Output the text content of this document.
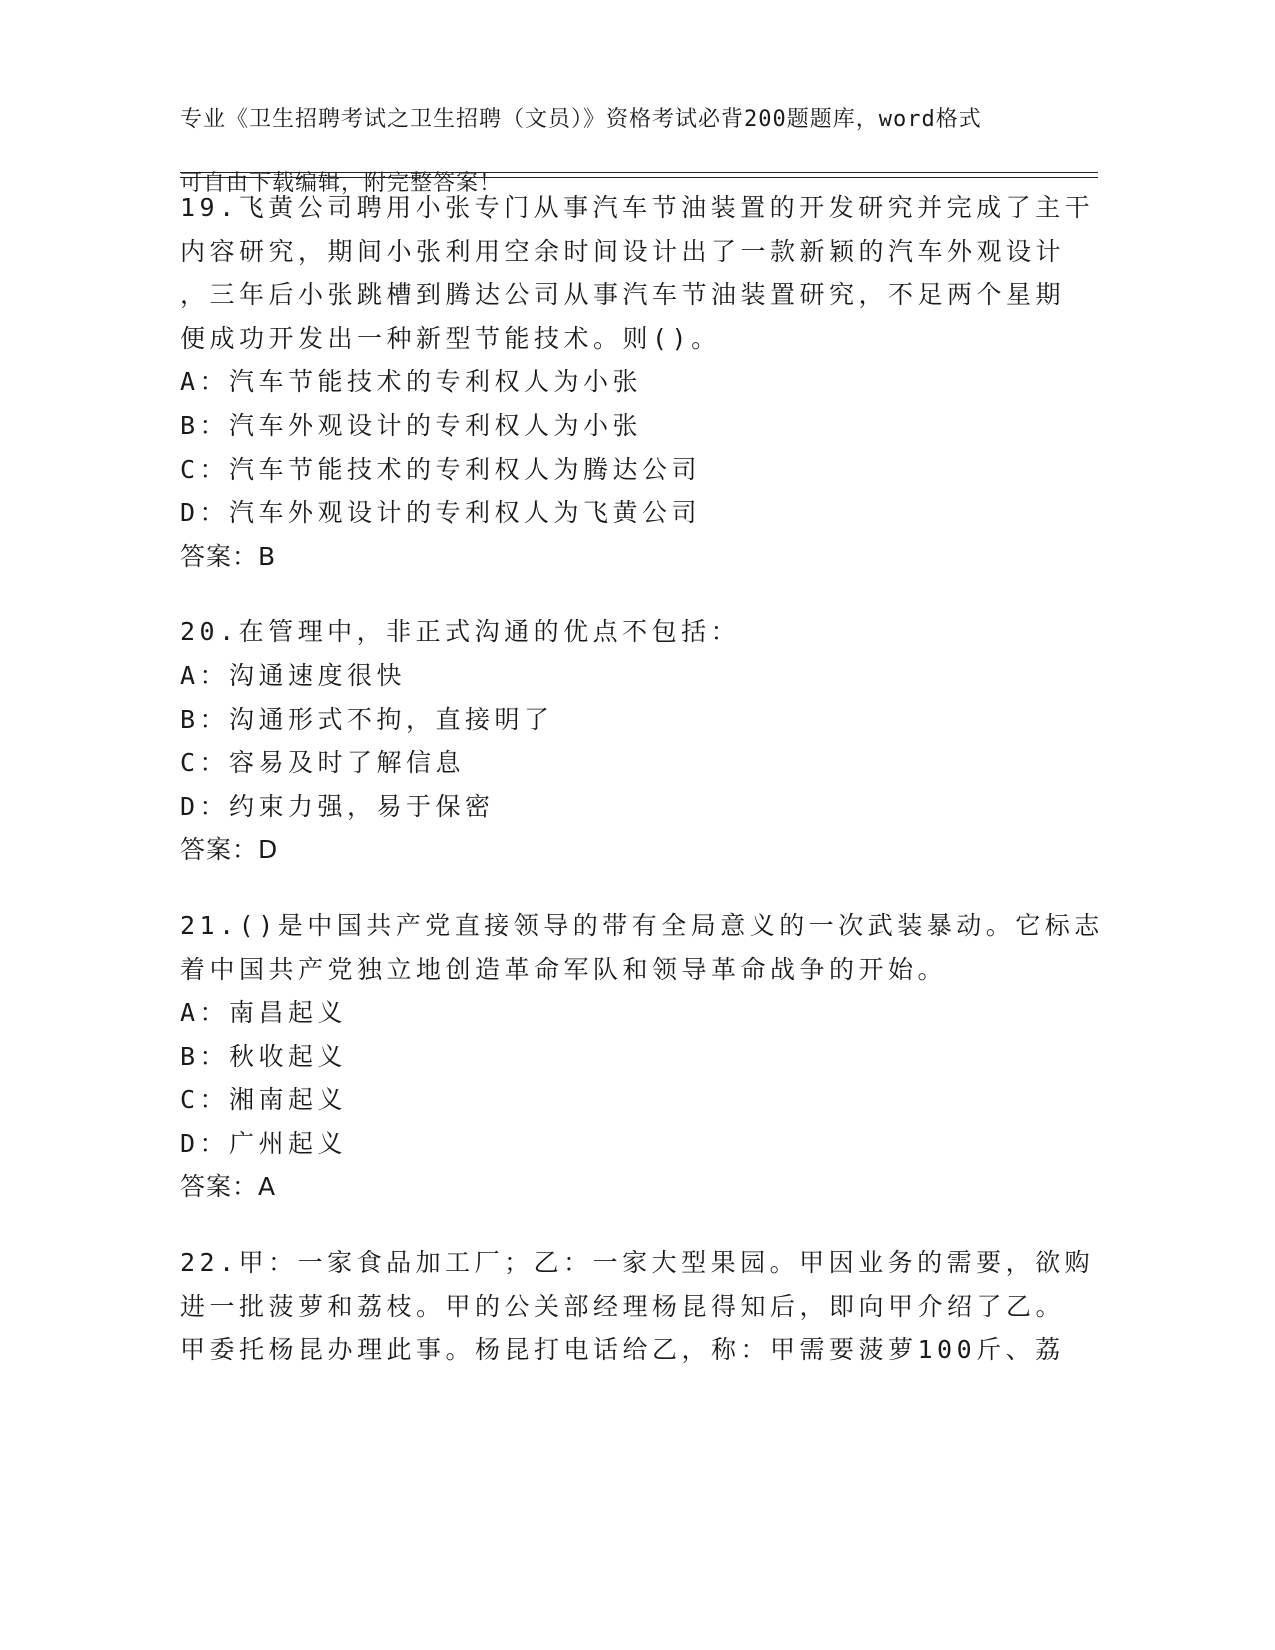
专业《卫生招聘考试之卫生招聘（文员）》资格考试必背200题题库，word格式

可自由下载编辑，附完整答案！

19.飞黄公司聘用小张专门从事汽车节油装置的开发研究并完成了主干
内容研究，期间小张利用空余时间设计出了一款新颖的汽车外观设计
，三年后小张跳槽到腾达公司从事汽车节油装置研究，不足两个星期
便成功开发出一种新型节能技术。则()。
A：汽车节能技术的专利权人为小张
B：汽车外观设计的专利权人为小张
C：汽车节能技术的专利权人为腾达公司
D：汽车外观设计的专利权人为飞黄公司
答案：B
20.在管理中，非正式沟通的优点不包括：
A：沟通速度很快
B：沟通形式不拘，直接明了
C：容易及时了解信息
D：约束力强，易于保密
答案：D
21.()是中国共产党直接领导的带有全局意义的一次武装暴动。它标志
着中国共产党独立地创造革命军队和领导革命战争的开始。
A：南昌起义
B：秋收起义
C：湘南起义
D：广州起义
答案：A
22.甲：一家食品加工厂；乙：一家大型果园。甲因业务的需要，欲购
进一批菠萝和荔枝。甲的公关部经理杨昆得知后，即向甲介绍了乙。
甲委托杨昆办理此事。杨昆打电话给乙，称：甲需要菠萝100斤、荔
